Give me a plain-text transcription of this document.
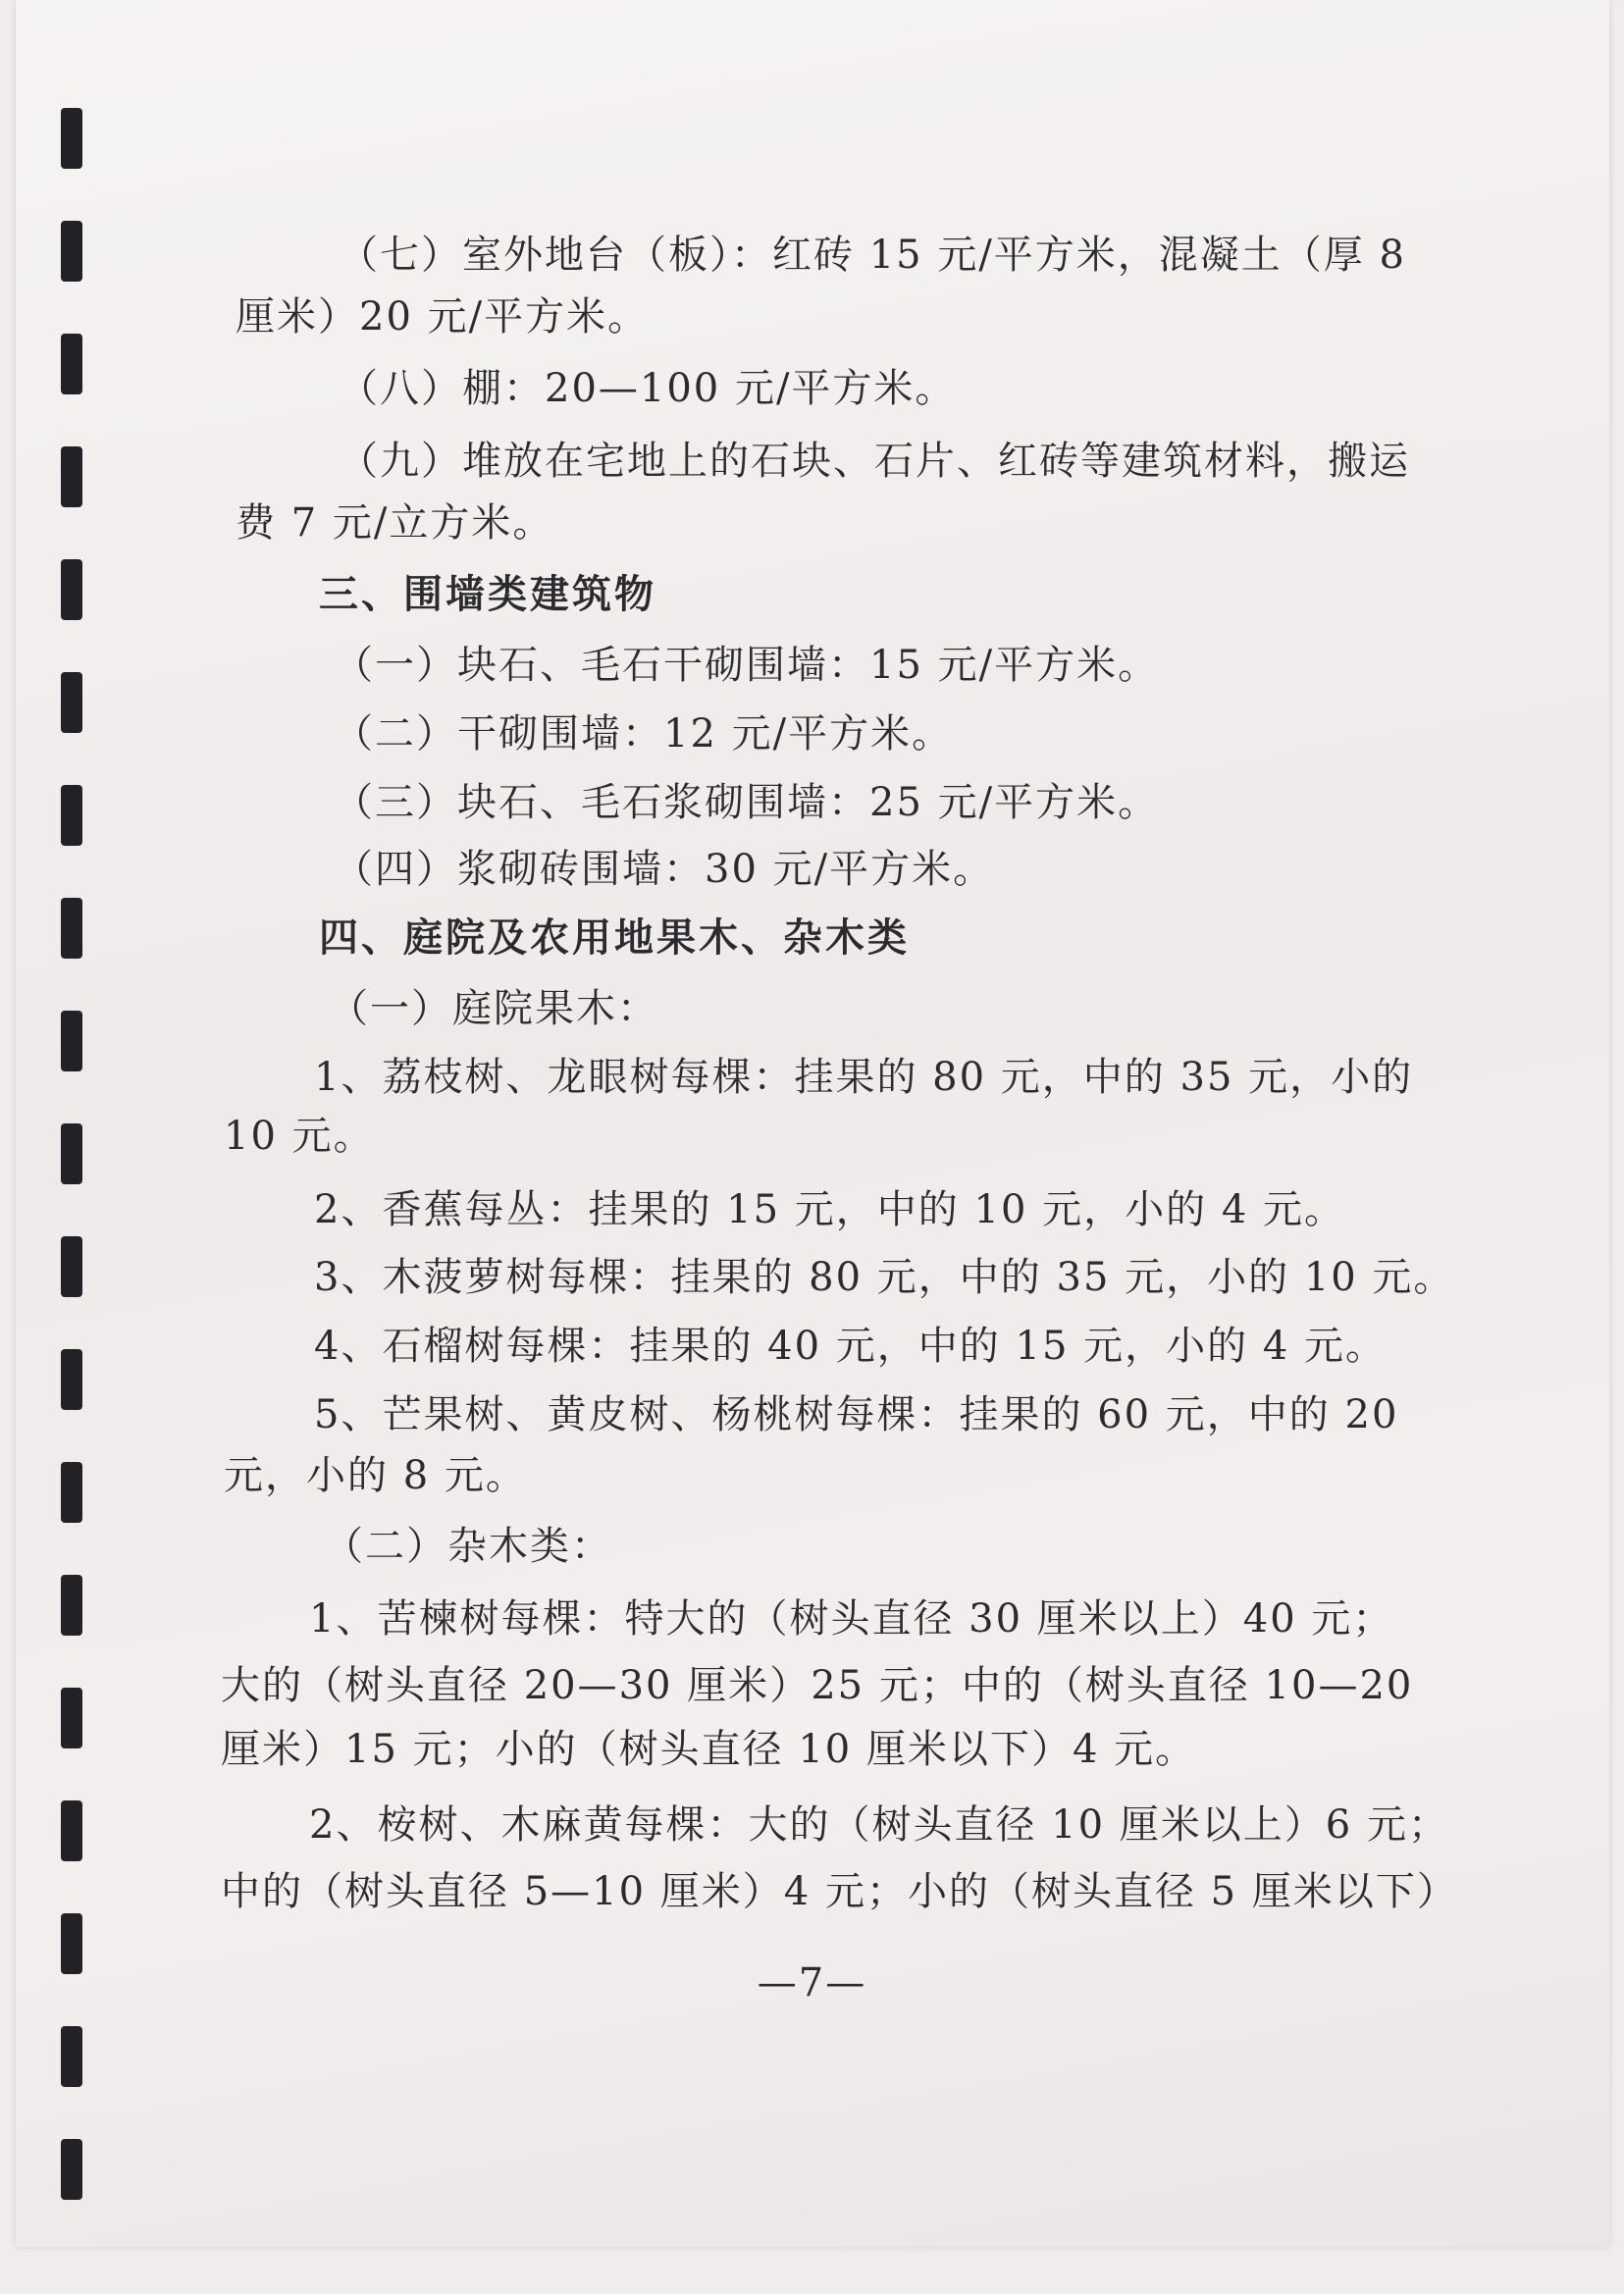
（七）室外地台（板）：红砖 15 元/平方米，混凝土（厚 8

厘米）20 元/平方米。

（八）棚：20—100 元/平方米。

（九）堆放在宅地上的石块、石片、红砖等建筑材料，搬运

费 7 元/立方米。

三、围墙类建筑物

（一）块石、毛石干砌围墙：15 元/平方米。

（二）干砌围墙：12 元/平方米。

（三）块石、毛石浆砌围墙：25 元/平方米。

（四）浆砌砖围墙：30 元/平方米。

四、庭院及农用地果木、杂木类

（一）庭院果木：

1、荔枝树、龙眼树每棵：挂果的 80 元，中的 35 元，小的

10 元。

2、香蕉每丛：挂果的 15 元，中的 10 元，小的 4 元。

3、木菠萝树每棵：挂果的 80 元，中的 35 元，小的 10 元。

4、石榴树每棵：挂果的 40 元，中的 15 元，小的 4 元。

5、芒果树、黄皮树、杨桃树每棵：挂果的 60 元，中的 20

元，小的 8 元。

（二）杂木类：

1、苦楝树每棵：特大的（树头直径 30 厘米以上）40 元；

大的（树头直径 20—30 厘米）25 元；中的（树头直径 10—20

厘米）15 元；小的（树头直径 10 厘米以下）4 元。

2、桉树、木麻黄每棵：大的（树头直径 10 厘米以上）6 元；

中的（树头直径 5—10 厘米）4 元；小的（树头直径 5 厘米以下）

—7—
